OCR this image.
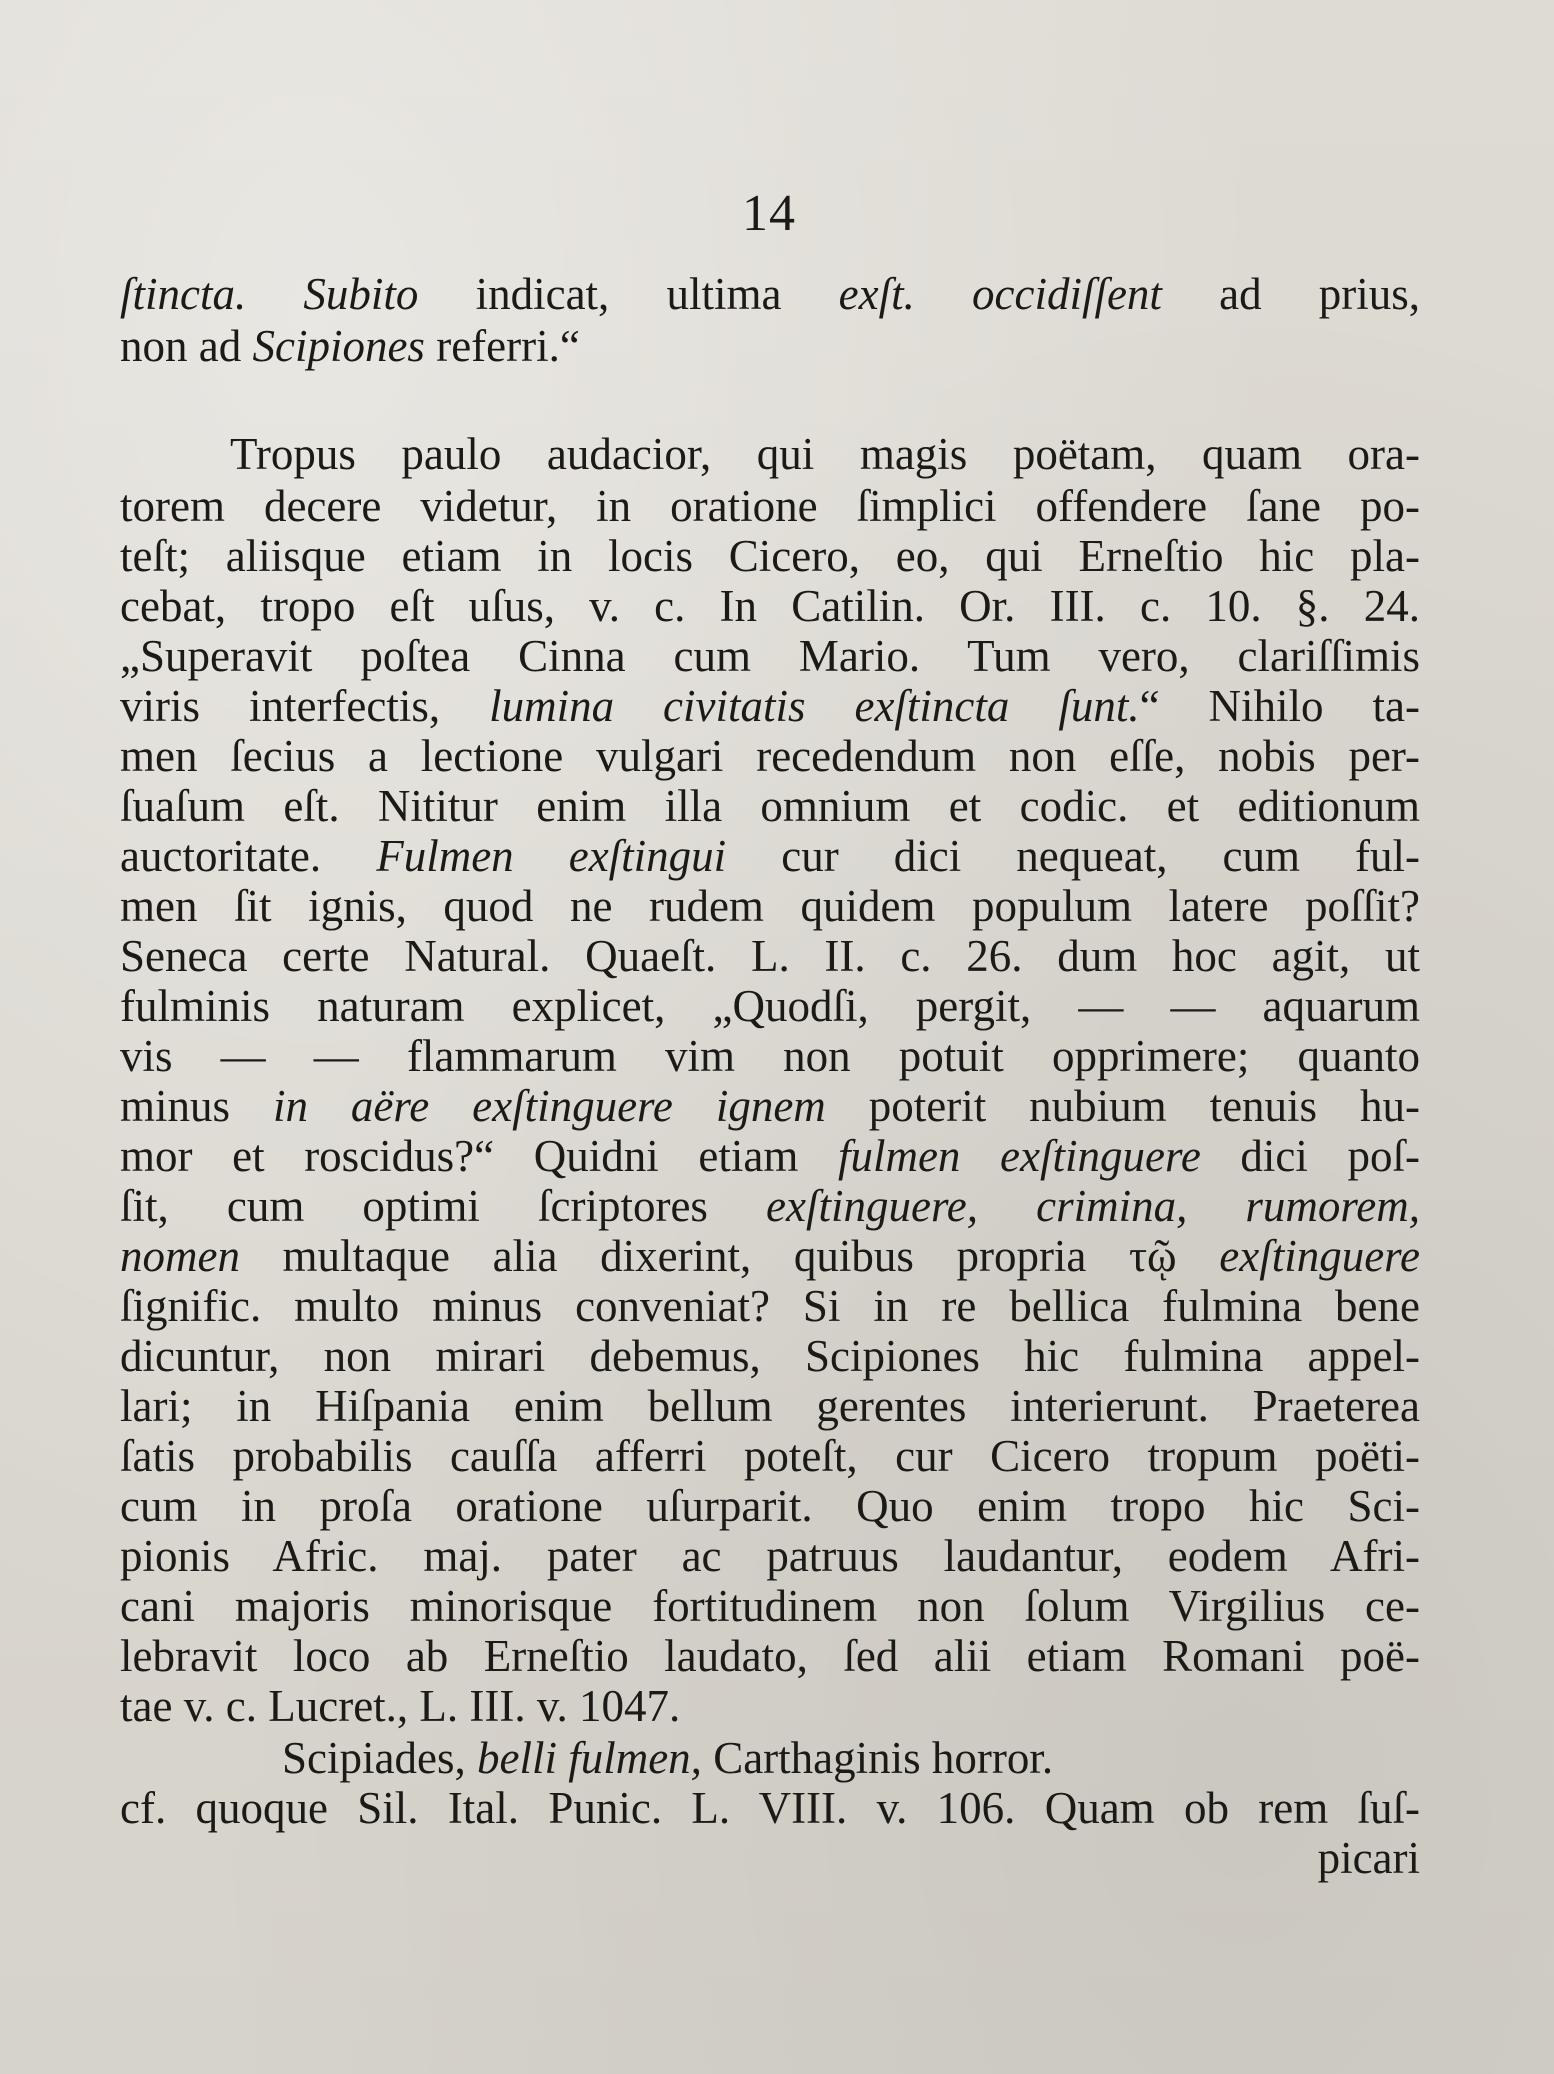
14
ſtincta. Subito indicat, ultima exſt. occidiſſent ad prius,
non ad Scipiones referri.“
Tropus paulo audacior, qui magis poëtam, quam ora-
torem decere videtur, in oratione ſimplici offendere ſane po-
teſt; aliisque etiam in locis Cicero, eo, qui Erneſtio hic pla-
cebat, tropo eſt uſus, v. c. In Catilin. Or. III. c. 10. §. 24.
„Superavit poſtea Cinna cum Mario. Tum vero, clariſſimis
viris interfectis, lumina civitatis exſtincta ſunt.“ Nihilo ta-
men ſecius a lectione vulgari recedendum non eſſe, nobis per-
ſuaſum eſt. Nititur enim illa omnium et codic. et editionum
auctoritate. Fulmen exſtingui cur dici nequeat, cum ful-
men ſit ignis, quod ne rudem quidem populum latere poſſit?
Seneca certe Natural. Quaeſt. L. II. c. 26. dum hoc agit, ut
fulminis naturam explicet, „Quodſi, pergit, — — aquarum
vis — — flammarum vim non potuit opprimere; quanto
minus in aëre exſtinguere ignem poterit nubium tenuis hu-
mor et roscidus?“ Quidni etiam fulmen exſtinguere dici poſ-
ſit, cum optimi ſcriptores exſtinguere, crimina, rumorem,
nomen multaque alia dixerint, quibus propria τῷ exſtinguere
ſignific. multo minus conveniat? Si in re bellica fulmina bene
dicuntur, non mirari debemus, Scipiones hic fulmina appel-
lari; in Hiſpania enim bellum gerentes interierunt. Praeterea
ſatis probabilis cauſſa afferri poteſt, cur Cicero tropum poëti-
cum in proſa oratione uſurparit. Quo enim tropo hic Sci-
pionis Afric. maj. pater ac patruus laudantur, eodem Afri-
cani majoris minorisque fortitudinem non ſolum Virgilius ce-
lebravit loco ab Erneſtio laudato, ſed alii etiam Romani poë-
tae v. c. Lucret., L. III. v. 1047.
Scipiades, belli fulmen, Carthaginis horror.
cf. quoque Sil. Ital. Punic. L. VIII. v. 106. Quam ob rem ſuſ-
picari
